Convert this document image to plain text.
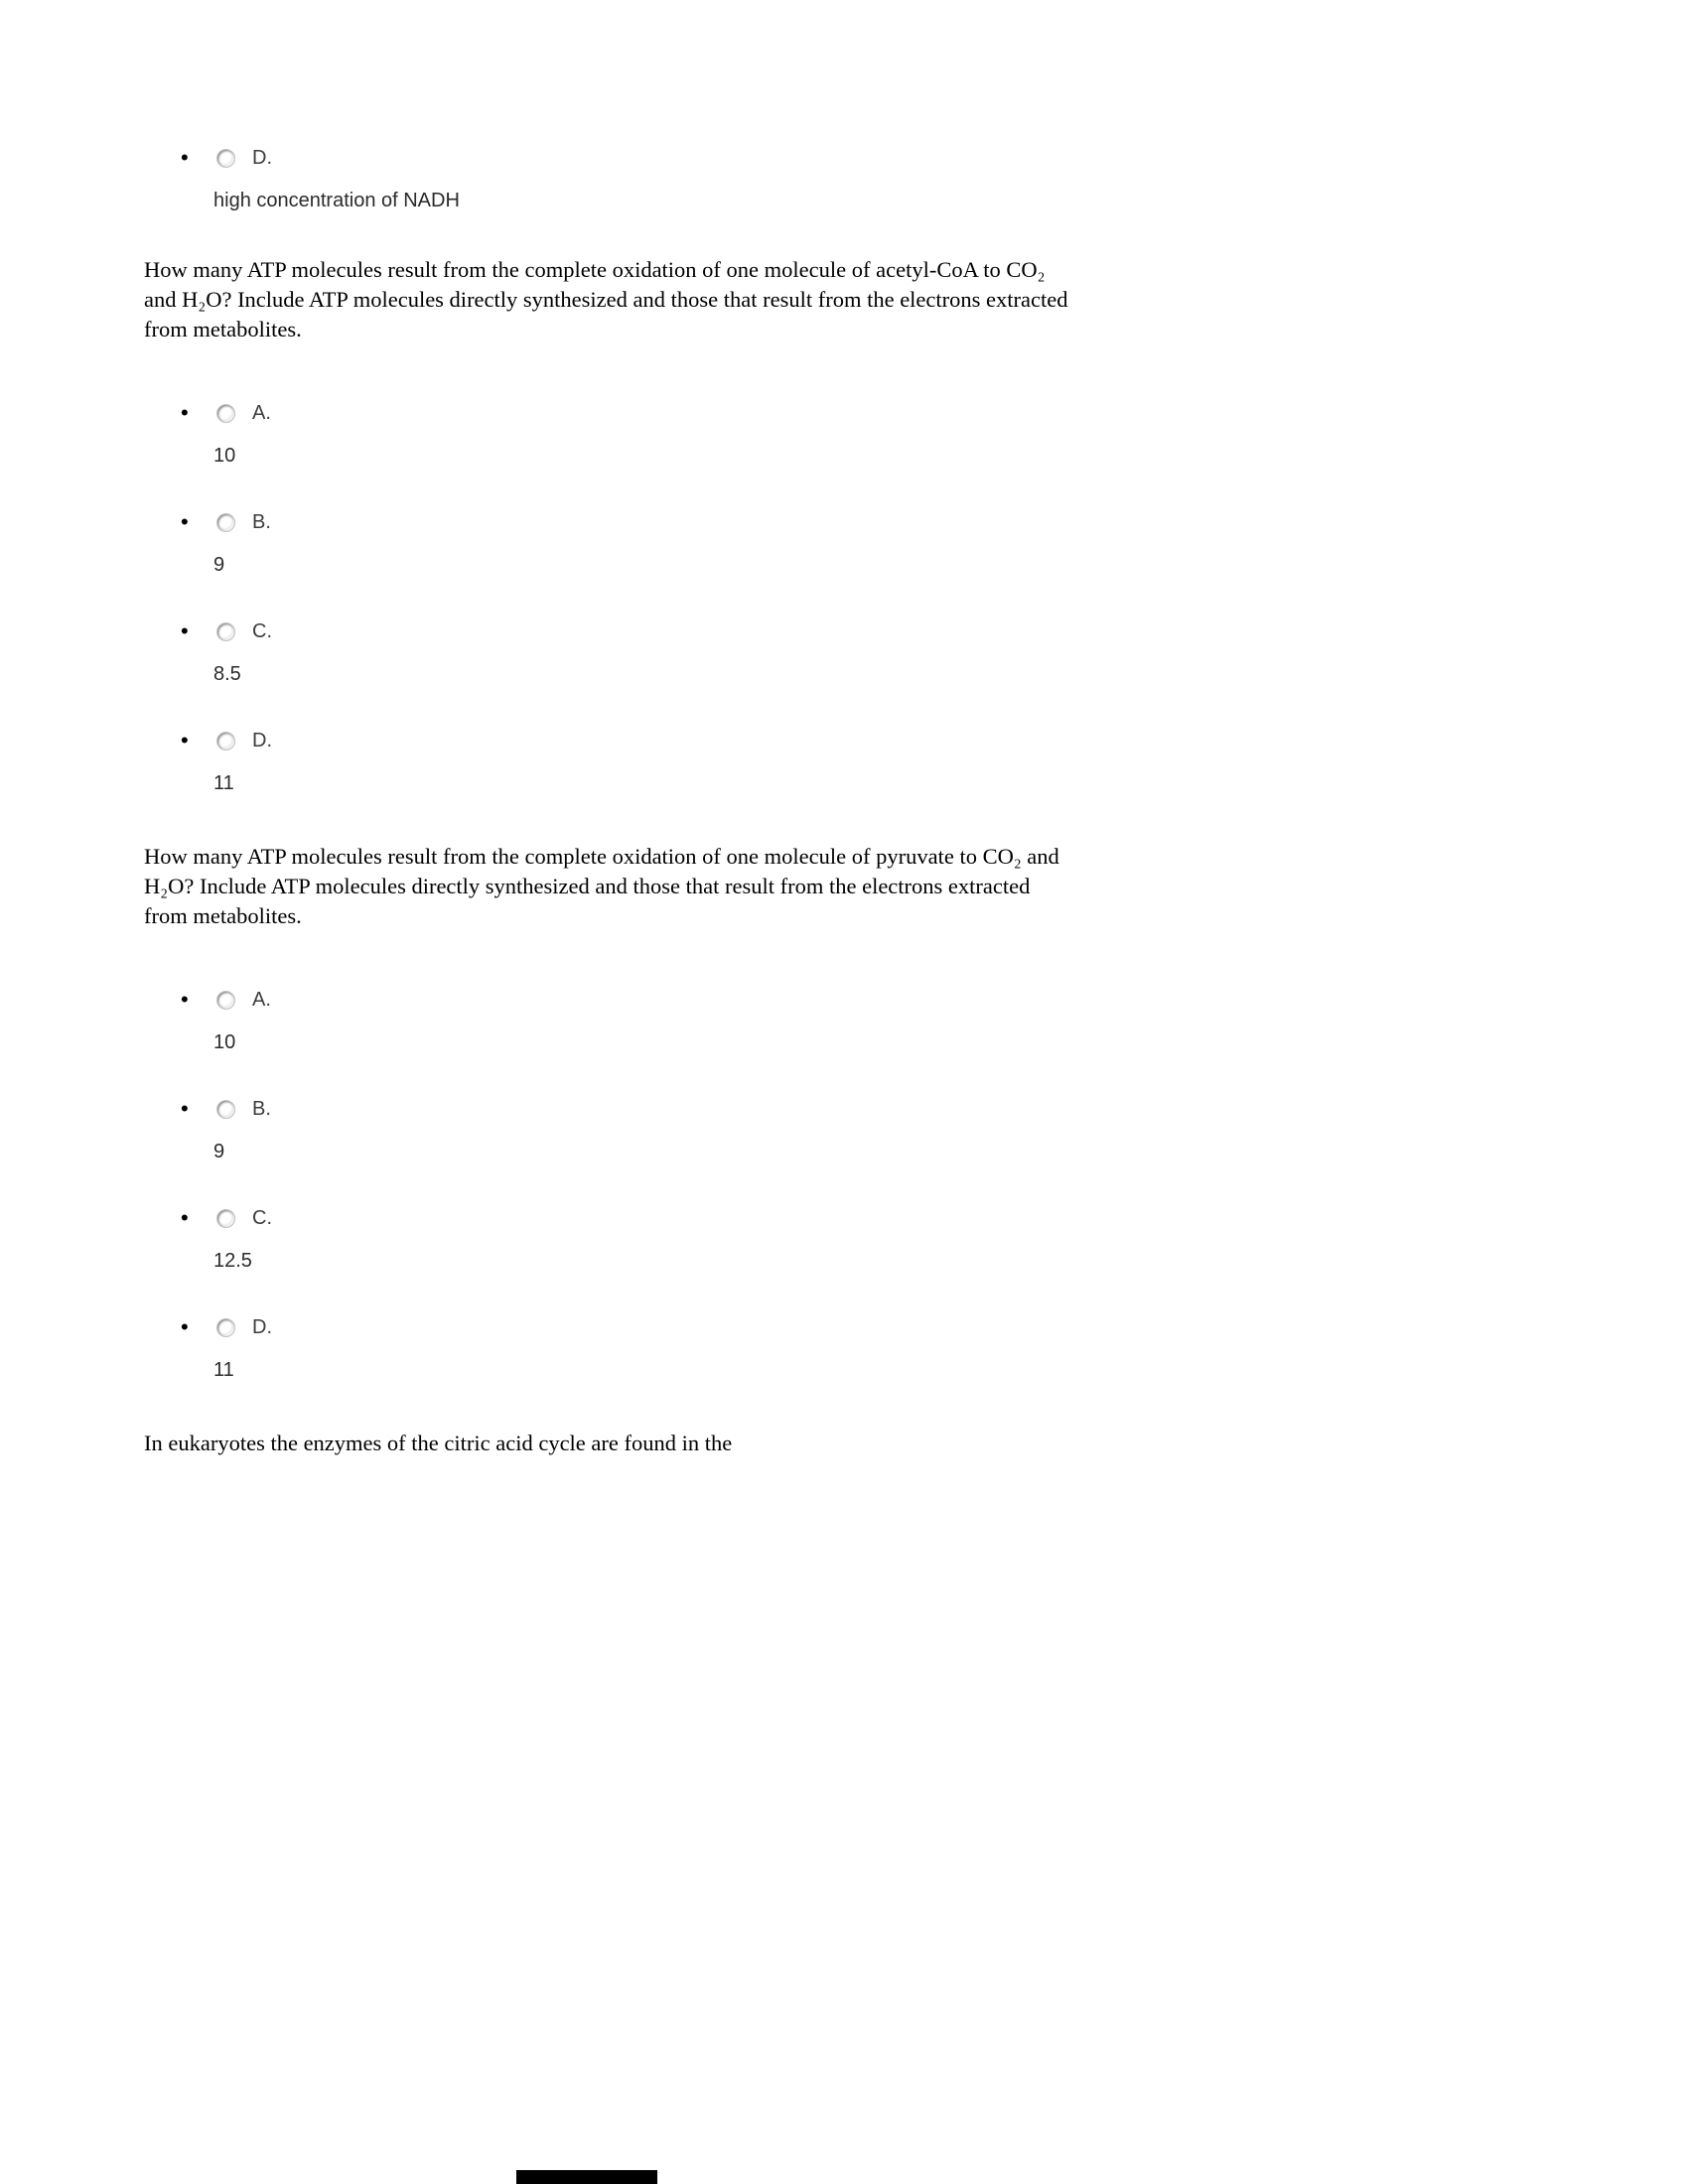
•	D.
high concentration of NADH

How many ATP molecules result from the complete oxidation of one molecule of acetyl-CoA to CO₂ and H₂O? Include ATP molecules directly synthesized and those that result from the electrons extracted from metabolites.

•	A.
10
•	B.
9
•	C.
8.5
•	D.
11

How many ATP molecules result from the complete oxidation of one molecule of pyruvate to CO₂ and H₂O? Include ATP molecules directly synthesized and those that result from the electrons extracted from metabolites.

•	A.
10
•	B.
9
•	C.
12.5
•	D.
11

In eukaryotes the enzymes of the citric acid cycle are found in the
